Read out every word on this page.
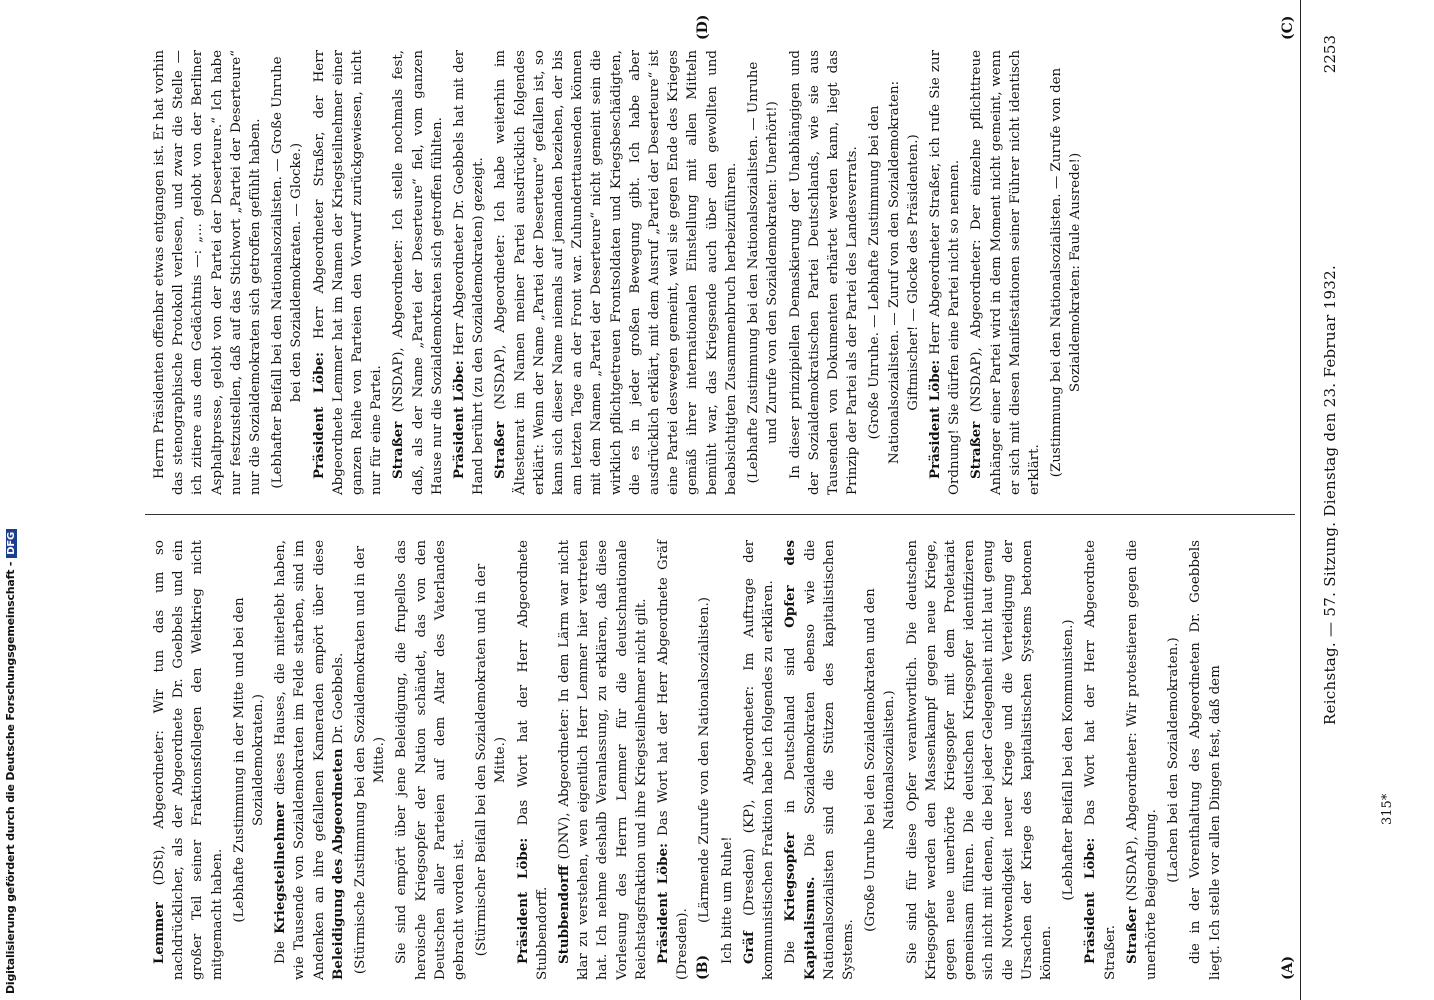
Reichstag. — 57. Sitzung. Dienstag den 23. Februar 1932.
2253

Lemmer (DSt), Abgeordneter: Wir tun das um so nachdrücklicher, als der Abgeordnete Dr. Goebbels und ein großer Teil seiner Fraktionsfollegen den Weltkrieg nicht mitgemacht haben. (Lebhafte Zustimmung in der Mitte und bei den Sozialdemokraten.)

Die Kriegsteilnehmer dieses Hauses, die miterlebt haben, wie Tausende von Sozialdemokraten im Felde starben, sind im Andenken an ihre gefallenen Kameraden empört über diese Beleidigung des Abgeordneten Dr. Goebbels. (Stürmische Zustimmung bei den Sozialdemokraten und in der Mitte.) Sie sind empört über jene Beleidigung, die frupellos das heroische Kriegsopfer der Nation schändet, das von den Deutschen aller Parteien auf dem Altar des Vaterlandes gebracht worden ist. (Stürmischer Beifall bei den Sozialdemokraten und in der Mitte.)

Präsident Löbe: Das Wort hat der Herr Abgeordnete Stubbendorff. Stubbendorff (DNV), Abgeordneter: In dem Lärm war nicht klar zu verstehen, wen eigentlich Herr Lemmer hier vertreten hat. Ich nehme deshalb Veranlassung, zu erklären, daß diese Vorlesung des Herrn Lemmer für die deutschnationale Reichstagsfraktion und ihre Kriegsteilnehmer nicht gilt. Präsident Löbe: Das Wort hat der Herr Abgeordnete Gräf (Dresden).

(Lärmende Zurufe von den Nationalsozialisten.) Ich bitte um Ruhe! Gräf (Dresden) (KP), Abgeordneter: Im Auftrage der kommunistischen Fraktion habe ich folgendes zu erklären. Die Kriegsopfer in Deutschland sind Opfer des Kapitalismus. Die Sozialdemokraten ebenso wie die Nationalsozialisten sind die Stützen des kapitalistischen Systems.

(Große Unruhe bei den Sozialdemokraten und den Nationalsozialisten.) Sie sind für diese Opfer verantwortlich. Die deutschen Kriegsopfer werden den Massenkampf gegen neue Kriege, gegen neue unerhörte Kriegsopfer mit dem Proletariat gemeinsam führen. Die deutschen Kriegsopfer identifizieren sich nicht mit denen, die bei jeder Gelegenheit nicht laut genug die Notwendigkeit neuer Kriege und die Verteidigung der Ursachen der Kriege des kapitalistischen Systems betonen können.

(Lebhafter Beifall bei den Kommunisten.)

Präsident Löbe: Das Wort hat der Herr Abgeordnete Straßer. Straßer (NSDAP), Abgeordneter: Wir protestieren gegen die unerhörte Beigendigung.

(Lachen bei den Sozialdemokraten.) die in der Vorenthaltung des Abgeordneten Dr. Goebbels liegt. Ich stelle vor allen Dingen fest, daß dem

Herrn Präsidenten offenbar etwas entgangen ist. Er hat vorhin das stenographische Protokoll verlesen, und zwar die Stelle — ich zitiere aus dem Gedächtnis —: „... gelobt von der Berliner Asphaltpresse, gelobt von der Partei der Deserteure.“ Ich habe nur festzustellen, daß auf das Stichwort „Partei der Deserteure“ nur die Sozialdemokraten sich getroffen gefühlt haben. (Lebhafter Beifall bei den Nationalsozialisten. — Große Unruhe bei den Sozialdemokraten. — Glocke.)

Präsident Löbe: Herr Abgeordneter Straßer, der Herr Abgeordnete Lemmer hat im Namen der Kriegsteilnehmer einer ganzen Reihe von Parteien den Vorwurf zurückgewiesen, nicht nur für eine Partei. Straßer (NSDAP), Abgeordneter: Ich stelle nochmals fest, daß, als der Name „Partei der Deserteure“ fiel, vom ganzen Hause nur die Sozialdemokraten sich getroffen fühlten. Präsident Löbe: Herr Abgeordneter Dr. Goebbels hat mit der Hand berührt (zu den Sozialdemokraten) gezeigt. Straßer (NSDAP), Abgeordneter: Ich habe weiterhin im Ältestenrat im Namen meiner Partei ausdrücklich folgendes erklärt: Wenn der Name „Partei der Deserteure“ gefallen ist, so kann sich dieser Name niemals auf jemanden beziehen, der bis am letzten Tage an der Front war. Zuhunderttausenden können mit dem Namen „Partei der Deserteure“ nicht gemeint sein die wirklich pflichtgetreuen Frontsoldaten und Kriegsbeschädigten, die es in jeder großen Bewegung gibt. Ich habe aber ausdrücklich erklärt, mit dem Ausruf „Partei der Deserteure“ ist eine Partei deswegen gemeint, weil sie gegen Ende des Krieges gemäß ihrer internationalen Einstellung mit allen Mitteln bemüht war, das Kriegsende auch über den gewollten und beabsichtigten Zusammenbruch herbeizuführen. (Lebhafte Zustimmung bei den Nationalsozialisten. — Unruhe und Zurufe von den Sozialdemokraten: Unerhört!) In dieser prinzipiellen Demaskierung der Unabhängigen und der Sozialdemokratischen Partei Deutschlands, wie sie aus Tausenden von Dokumenten erhärtet werden kann, liegt das Prinzip der Partei als der Partei des Landesverrats. (Große Unruhe. — Lebhafte Zustimmung bei den Nationalsozialisten. — Zuruf von den Sozialdemokraten: Giftmischer! — Glocke des Präsidenten.)

Präsident Löbe: Herr Abgeordneter Straßer, ich rufe Sie zur Ordnung! Sie dürfen eine Partei nicht so nennen. Straßer (NSDAP), Abgeordneter: Der einzelne pflichttreue Anhänger einer Partei wird in dem Moment nicht gemeint, wenn er sich mit diesen Manifestationen seiner Führer nicht identisch erklärt. (Zustimmung bei den Nationalsozialisten. — Zurufe von den Sozialdemokraten: Faule Ausrede!)

(A)
(B)
(C)
(D)
315*
Digitalisierung gefördert durch die Deutsche Forschungsgemeinschaft -DFG
